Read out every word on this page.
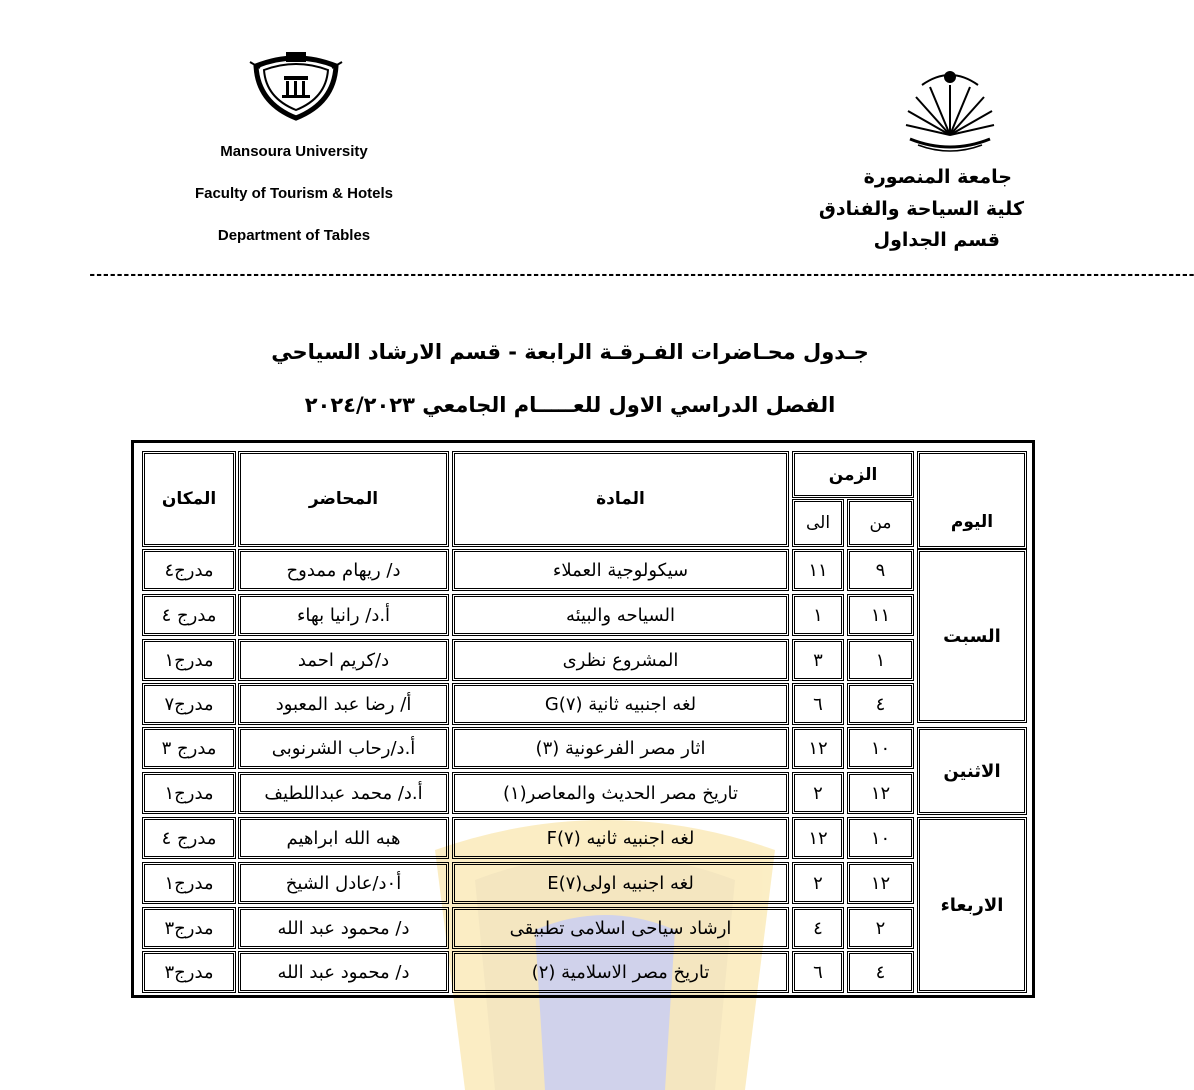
Mansoura University
Faculty of Tourism & Hotels
Department of Tables
جامعة المنصورة
كلية السياحة والفنادق
قسم الجداول
------------------------------------------------------------------------------------------------------------------------------------------------------------------
جـدول محـاضرات الفـرقـة الرابعة - قسم الارشاد السياحي
الفصل الدراسي الاول للعـــــام الجامعي ٢٠٢٤/٢٠٢٣
اليوم
الزمن
من
الى
المادة
المحاضر
المكان
السبت
الاثنين
الاربعاء
٩
١١
سيكولوجية العملاء
د/ ريهام ممدوح
مدرج٤
١١
١
السياحه والبيئه
أ.د/ رانيا بهاء
مدرج ٤
١
٣
المشروع نظرى
د/كريم احمد
مدرج١
٤
٦
لغه اجنبيه ثانية (٧)G
أ/ رضا عبد المعبود
مدرج٧
١٠
١٢
اثار مصر الفرعونية (٣)
أ.د/رحاب الشرنوبى
مدرج ٣
١٢
٢
تاريخ مصر الحديث والمعاصر(١)
أ.د/ محمد عبداللطيف
مدرج١
١٠
١٢
لغه اجنبيه ثانيه (٧)F
هبه الله ابراهيم
مدرج ٤
١٢
٢
لغه اجنبيه اولى(٧)E
أ٠د/عادل الشيخ
مدرج١
٢
٤
ارشاد سياحى اسلامى تطبيقى
د/ محمود عبد الله
مدرج٣
٤
٦
تاريخ مصر الاسلامية (٢)
د/ محمود عبد الله
مدرج٣
